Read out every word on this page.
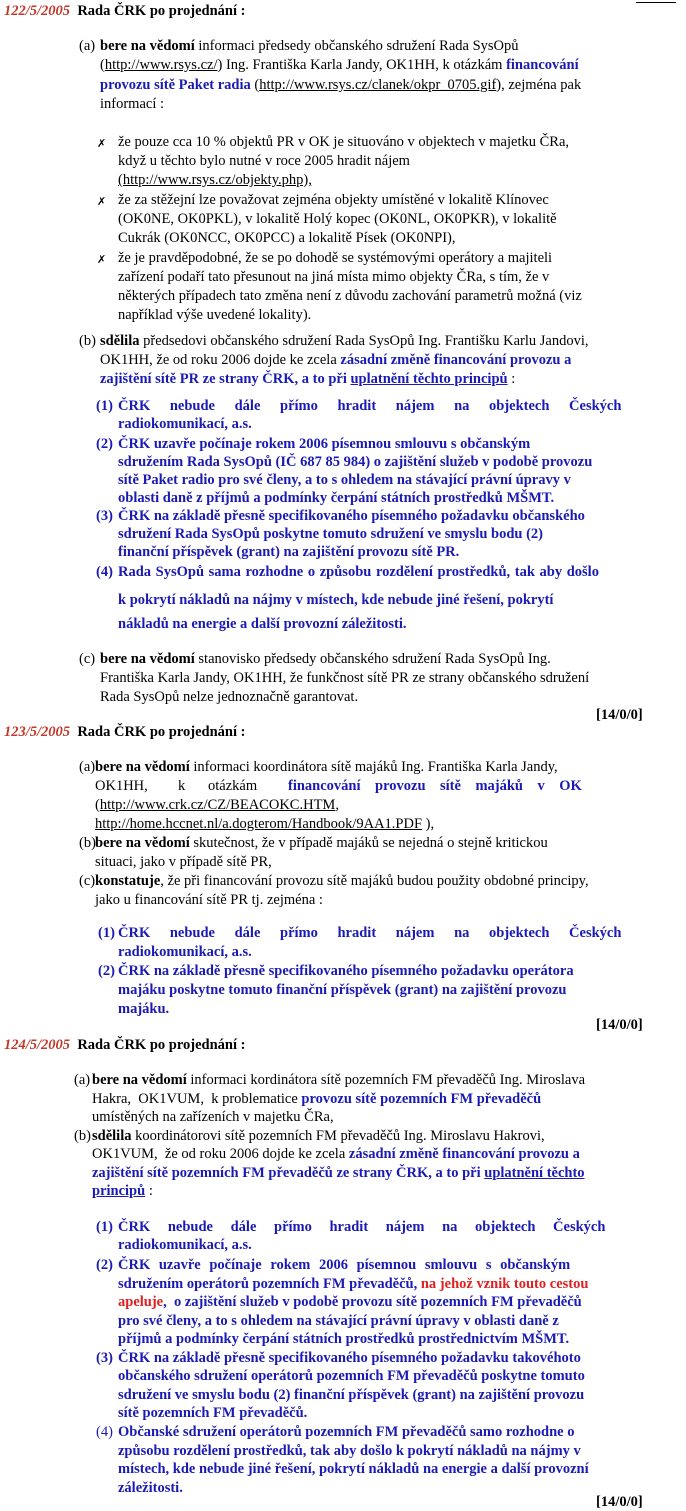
122/5/2005 Rada ČRK po projednání :
(a) bere na vědomí informaci předsedy občanského sdružení Rada SysOpů
(http://www.rsys.cz/) Ing. Františka Karla Jandy, OK1HH, k otázkám financování
provozu sítě Paket radia (http://www.rsys.cz/clanek/okpr_0705.gif), zejména pak
informací :
✗ že pouze cca 10 % objektů PR v OK je situováno v objektech v majetku ČRa,
když u těchto bylo nutné v roce 2005 hradit nájem
(http://www.rsys.cz/objekty.php),
✗ že za stěžejní lze považovat zejména objekty umístěné v lokalitě Klínovec
(OK0NE, OK0PKL), v lokalitě Holý kopec (OK0NL, OK0PKR), v lokalitě
Cukrák (OK0NCC, OK0PCC) a lokalitě Písek (OK0NPI),
✗ že je pravděpodobné, že se po dohodě se systémovými operátory a majiteli
zařízení podaří tato přesunout na jiná místa mimo objekty ČRa, s tím, že v
některých případech tato změna není z důvodu zachování parametrů možná (viz
například výše uvedené lokality).
(b) sdělila předsedovi občanského sdružení Rada SysOpů Ing. Františku Karlu Jandovi,
OK1HH, že od roku 2006 dojde ke zcela zásadní změně financování provozu a
zajištění sítě PR ze strany ČRK, a to při uplatnění těchto principů :
(1) ČRK nebude dále přímo hradit nájem na objektech Českých
radiokomunikací, a.s.
(2) ČRK uzavře počínaje rokem 2006 písemnou smlouvu s občanským
sdružením Rada SysOpů (IČ 687 85 984) o zajištění služeb v podobě provozu
sítě Paket radio pro své členy, a to s ohledem na stávající právní úpravy v
oblasti daně z příjmů a podmínky čerpání státních prostředků MŠMT.
(3) ČRK na základě přesně specifikovaného písemného požadavku občanského
sdružení Rada SysOpů poskytne tomuto sdružení ve smyslu bodu (2)
finanční příspěvek (grant) na zajištění provozu sítě PR.
(4) Rada SysOpů sama rozhodne o způsobu rozdělení prostředků, tak aby došlo
k pokrytí nákladů na nájmy v místech, kde nebude jiné řešení, pokrytí
nákladů na energie a další provozní záležitosti.
(c) bere na vědomí stanovisko předsedy občanského sdružení Rada SysOpů Ing.
Františka Karla Jandy, OK1HH, že funkčnost sítě PR ze strany občanského sdružení
Rada SysOpů nelze jednoznačně garantovat.
[14/0/0]
123/5/2005 Rada ČRK po projednání :
(a) bere na vědomí informaci koordinátora sítě majáků Ing. Františka Karla Jandy,
OK1HH, k otázkám financování    provozu    sítě    majáků    v    OK
(http://www.crk.cz/CZ/BEACOKC.HTM,
http://home.hccnet.nl/a.dogterom/Handbook/9AA1.PDF ),
(b) bere na vědomí skutečnost, že v případě majáků se nejedná o stejně kritickou
situaci, jako v případě sítě PR,
(c) konstatuje, že při financování provozu sítě majáků budou použity obdobné principy,
jako u financování sítě PR tj. zejména :
(1) ČRK nebude dále přímo hradit nájem na objektech Českých
radiokomunikací, a.s.
(2) ČRK na základě přesně specifikovaného písemného požadavku operátora
majáku poskytne tomuto finanční příspěvek (grant) na zajištění provozu
majáku.
[14/0/0]
124/5/2005 Rada ČRK po projednání :
(a) bere na vědomí informaci kordinátora sítě pozemních FM převaděčů Ing. Miroslava
Hakra,  OK1VUM,  k problematice provozu sítě pozemních FM převaděčů
umístěných na zařízeních v majetku ČRa,
(b) sdělila koordinátorovi sítě pozemních FM převaděčů Ing. Miroslavu Hakrovi,
OK1VUM,  že od roku 2006 dojde ke zcela zásadní změně financování provozu a
zajištění sítě pozemních FM převaděčů ze strany ČRK, a to při uplatnění těchto
principů :
(1) ČRK nebude dále přímo hradit nájem na objektech Českých
radiokomunikací, a.s.
(2) ČRK uzavře počínaje rokem 2006 písemnou smlouvu s občanským
sdružením operátorů pozemních FM převaděčů, na jehož vznik touto cestou
apeluje,  o zajištění služeb v podobě provozu sítě pozemních FM převaděčů
pro své členy, a to s ohledem na stávající právní úpravy v oblasti daně z
příjmů a podmínky čerpání státních prostředků prostřednictvím MŠMT.
(3) ČRK na základě přesně specifikovaného písemného požadavku takovéhoto
občanského sdružení operátorů pozemních FM převaděčů poskytne tomuto
sdružení ve smyslu bodu (2) finanční příspěvek (grant) na zajištění provozu
sítě pozemních FM převaděčů.
(4) Občanské sdružení operátorů pozemních FM převaděčů samo rozhodne o
způsobu rozdělení prostředků, tak aby došlo k pokrytí nákladů na nájmy v
místech, kde nebude jiné řešení, pokrytí nákladů na energie a další provozní
záležitosti.
[14/0/0]
